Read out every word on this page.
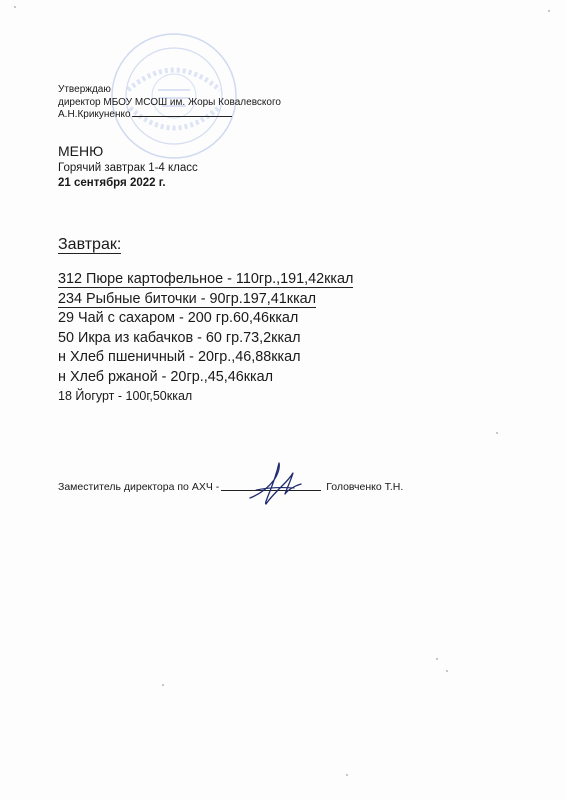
Утверждаю
директор МБОУ МСОШ им. Жоры Ковалевского
А.Н.Крикуненко
МЕНЮ
Горячий завтрак 1-4 класс
21 сентября 2022 г.
Завтрак:
312 Пюре картофельное - 110гр.,191,42ккал
234 Рыбные биточки - 90гр.197,41ккал
29 Чай с сахаром - 200 гр.60,46ккал
50 Икра из кабачков - 60 гр.73,2ккал
н Хлеб пшеничный - 20гр.,46,88ккал
н Хлеб ржаной - 20гр.,45,46ккал
18 Йогурт - 100г,50ккал
Заместитель директора по АХЧ -	Головченко Т.Н.
